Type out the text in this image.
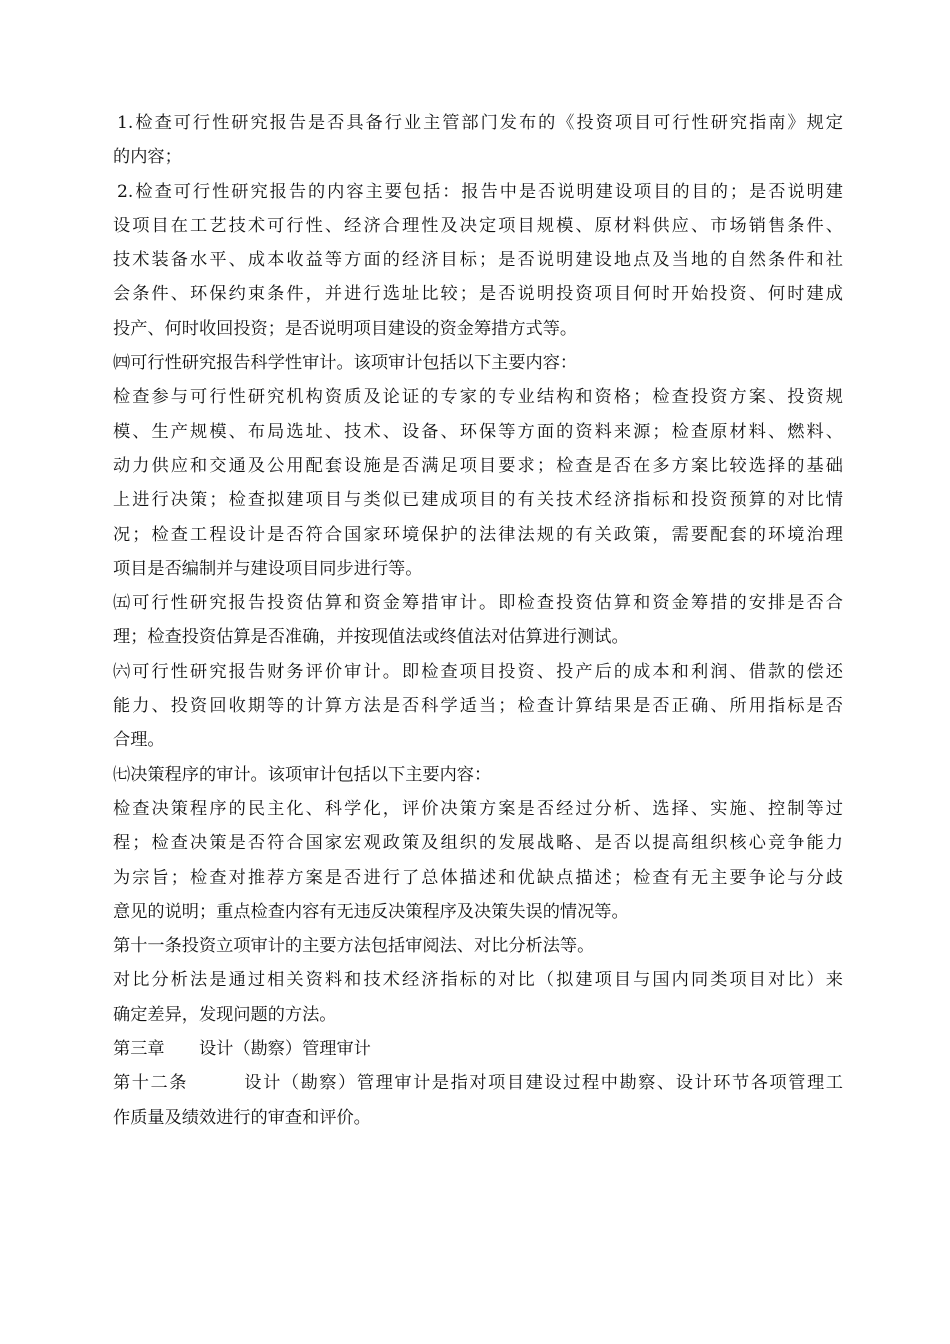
1.检查可行性研究报告是否具备行业主管部门发布的《投资项目可行性研究指南》规定
的内容；
2.检查可行性研究报告的内容主要包括：报告中是否说明建设项目的目的；是否说明建
设项目在工艺技术可行性、经济合理性及决定项目规模、原材料供应、市场销售条件、
技术装备水平、成本收益等方面的经济目标；是否说明建设地点及当地的自然条件和社
会条件、环保约束条件，并进行选址比较；是否说明投资项目何时开始投资、何时建成
投产、何时收回投资；是否说明项目建设的资金筹措方式等。
㈣可行性研究报告科学性审计。该项审计包括以下主要内容：
检查参与可行性研究机构资质及论证的专家的专业结构和资格；检查投资方案、投资规
模、生产规模、布局选址、技术、设备、环保等方面的资料来源；检查原材料、燃料、
动力供应和交通及公用配套设施是否满足项目要求；检查是否在多方案比较选择的基础
上进行决策；检查拟建项目与类似已建成项目的有关技术经济指标和投资预算的对比情
况；检查工程设计是否符合国家环境保护的法律法规的有关政策，需要配套的环境治理
项目是否编制并与建设项目同步进行等。
㈤可行性研究报告投资估算和资金筹措审计。即检查投资估算和资金筹措的安排是否合
理；检查投资估算是否准确，并按现值法或终值法对估算进行测试。
㈥可行性研究报告财务评价审计。即检查项目投资、投产后的成本和利润、借款的偿还
能力、投资回收期等的计算方法是否科学适当；检查计算结果是否正确、所用指标是否
合理。
㈦决策程序的审计。该项审计包括以下主要内容：
检查决策程序的民主化、科学化，评价决策方案是否经过分析、选择、实施、控制等过
程；检查决策是否符合国家宏观政策及组织的发展战略、是否以提高组织核心竞争能力
为宗旨；检查对推荐方案是否进行了总体描述和优缺点描述；检查有无主要争论与分歧
意见的说明；重点检查内容有无违反决策程序及决策失误的情况等。
第十一条投资立项审计的主要方法包括审阅法、对比分析法等。
对比分析法是通过相关资料和技术经济指标的对比（拟建项目与国内同类项目对比）来
确定差异，发现问题的方法。
第三章　　设计（勘察）管理审计
第十二条　　　设计（勘察）管理审计是指对项目建设过程中勘察、设计环节各项管理工
作质量及绩效进行的审查和评价。
